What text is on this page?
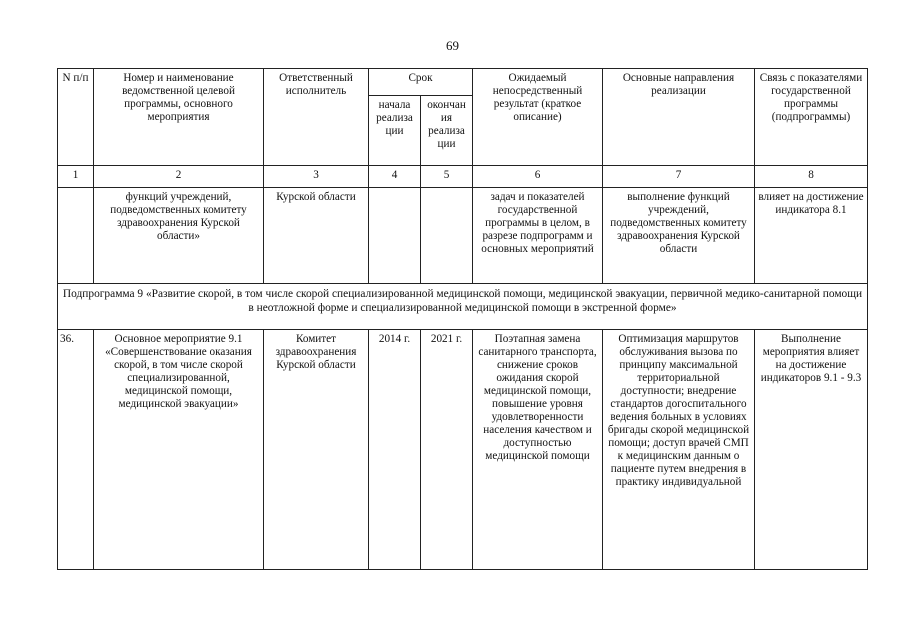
69
N п/п	Номер и наименование ведомственной целевой программы, основного мероприятия	Ответственный исполнитель	Срок		Ожидаемый непосредственный результат (краткое описание)	Основные направления реализации	Связь с показателями государственной программы (подпрограммы)
			начала реализа ции	окончан ия реализа ции			
1	2	3	4	5	6	7	8
	функций учреждений, подведомственных комитету здравоохранения Курской области»	Курской области			задач и показателей государственной программы в целом, в разрезе подпрограмм и основных мероприятий	выполнение функций учреждений, подведомственных комитету здравоохранения Курской области	влияет на достижение индикатора 8.1
Подпрограмма 9 «Развитие скорой, в том числе скорой специализированной медицинской помощи, медицинской эвакуации, первичной медико-санитарной помощи в неотложной форме и специализированной медицинской помощи в экстренной форме»							
36.	Основное мероприятие 9.1 «Совершенствование оказания скорой, в том числе скорой специализированной, медицинской помощи, медицинской эвакуации»	Комитет здравоохранения Курской области	2014 г.	2021 г.	Поэтапная замена санитарного транспорта, снижение сроков ожидания скорой медицинской помощи, повышение уровня удовлетворенности населения качеством и доступностью медицинской помощи	Оптимизация маршрутов обслуживания вызова по принципу максимальной территориальной доступности; внедрение стандартов догоспитального ведения больных в условиях бригады скорой медицинской помощи; доступ врачей СМП к медицинским данным о пациенте путем внедрения в практику индивидуальной	Выполнение мероприятия влияет на достижение индикаторов 9.1 - 9.3
